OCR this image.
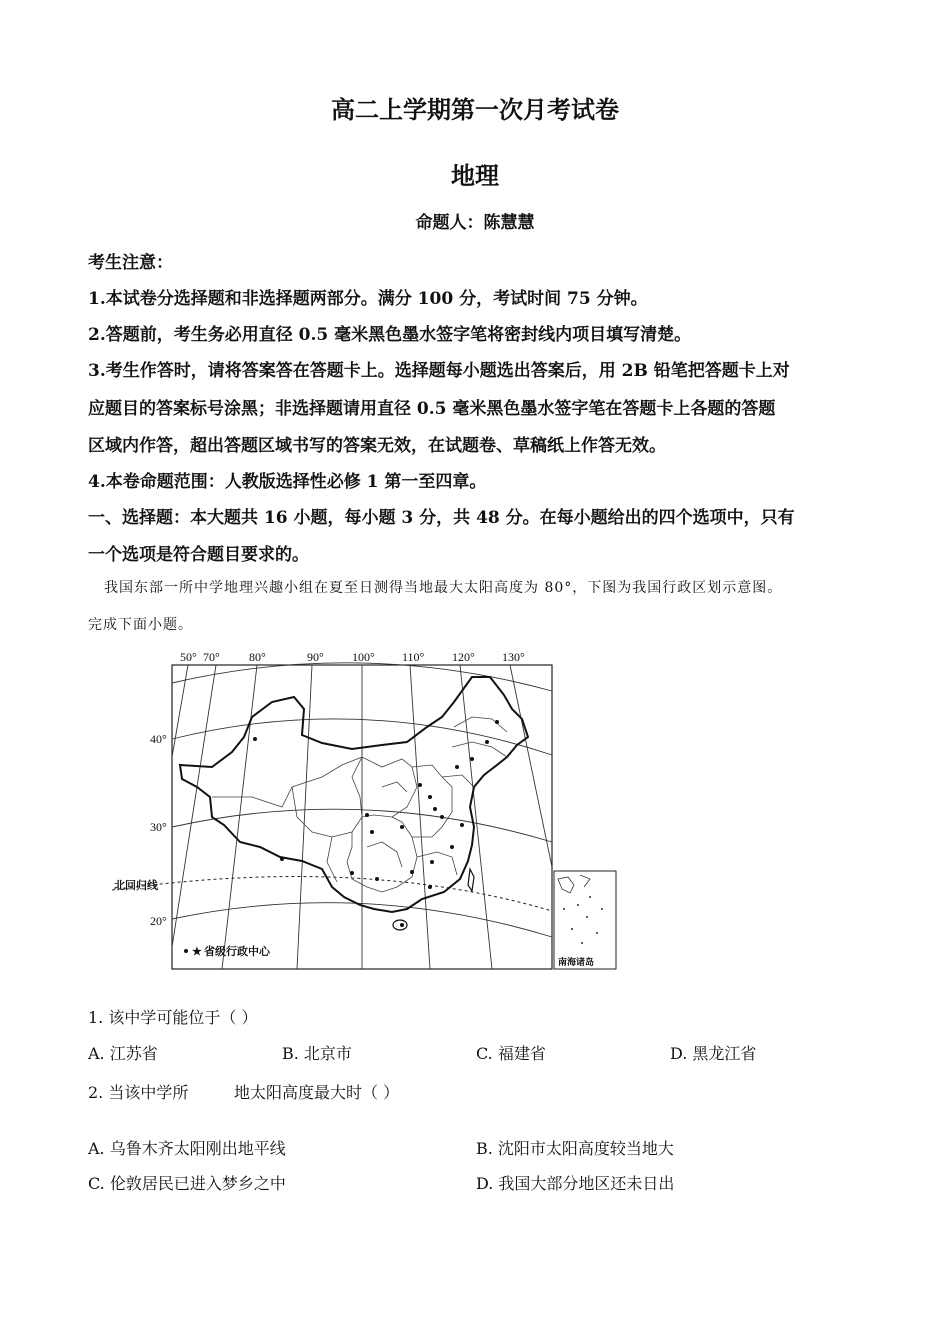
高二上学期第一次月考试卷
地理
命题人：陈慧慧
考生注意：
1.本试卷分选择题和非选择题两部分。满分 100 分，考试时间 75 分钟。
2.答题前，考生务必用直径 0.5 毫米黑色墨水签字笔将密封线内项目填写清楚。
3.考生作答时，请将答案答在答题卡上。选择题每小题选出答案后，用 2B 铅笔把答题卡上对
应题目的答案标号涂黑；非选择题请用直径 0.5 毫米黑色墨水签字笔在答题卡上各题的答题
区域内作答，超出答题区域书写的答案无效，在试题卷、草稿纸上作答无效。
4.本卷命题范围：人教版选择性必修 1 第一至四章。
一、选择题：本大题共 16 小题，每小题 3 分，共 48 分。在每小题给出的四个选项中，只有
一个选项是符合题目要求的。
我国东部一所中学地理兴趣小组在夏至日测得当地最大太阳高度为 80°，下图为我国行政区划示意图。
完成下面小题。
50° 70° 80°	90° 100° 110° 120° 130°
40°
30°
20°
北回归线
★ 省级行政中心
南海诸岛
1. 该中学可能位于（ ）
A. 江苏省	B. 北京市	C. 福建省	D. 黑龙江省
2. 当该中学所	地太阳高度最大时（ ）
A. 乌鲁木齐太阳刚出地平线	B. 沈阳市太阳高度较当地大
C. 伦敦居民已进入梦乡之中	D. 我国大部分地区还未日出
